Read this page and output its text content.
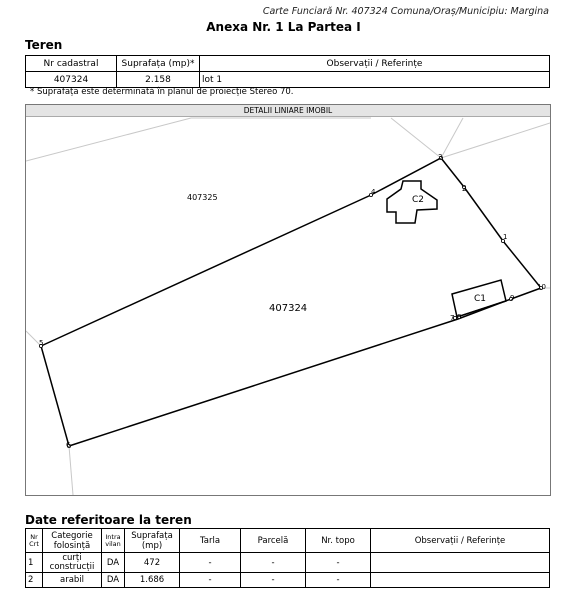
Carte Funciară Nr. 407324 Comuna/Oraș/Municipiu: Margina
Anexa Nr. 1 La Partea I
Teren
Nr cadastral	Suprafața (mp)*	Observații / Referințe
407324	2.158	lot 1
* Suprafața este determinată în planul de proiecție Stereo 70.
DETALII LINIARE IMOBIL
1
2
3
4
5
6
7 8
9
10
407325
407324
C1
C2
Date referitoare la teren
Nr Crt	Categorie folosință	Intra vilan	Suprafața (mp)	Tarla	Parcelă	Nr. topo	Observații / Referințe
1	curți construcții	DA	472	-	-	-	
2	arabil	DA	1.686	-	-	-	
